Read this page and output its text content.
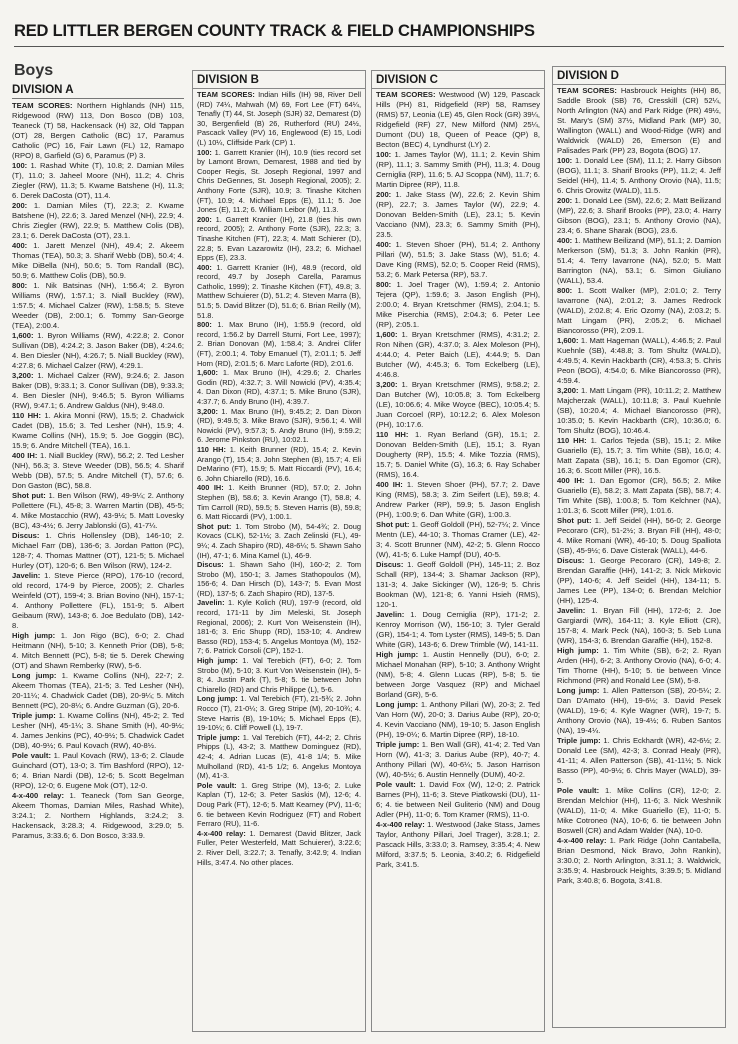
RED LITTLER BERGEN COUNTY TRACK & FIELD CHAMPIONSHIPS
Boys
DIVISION A

TEAM SCORES: Northern Highlands (NH) 115, Ridgewood (RW) 113, Don Bosco (DB) 103, Teaneck (T) 58, Hackensack (H) 32, Old Tappan (OT) 28, Bergen Catholic (BC) 17, Paramus Catholic (PC) 16, Fair Lawn (FL) 12, Ramapo (RPO) 8, Garfield (G) 6, Paramus (P) 3.

100: 1. Rashad White (T), 10.8; 2. Damian Miles (T), 11.0; 3. Jaheel Moore (NH), 11.2; 4. Chris Ziegler (RW), 11.3; 5. Kwame Batshene (H), 11.3; 6. Derek DaCosta (OT), 11.4.

200: 1. Damian Miles (T), 22.3; 2. Kwame Batshene (H), 22.6; 3. Jared Menzel (NH), 22.9; 4. Chris Ziegler (RW), 22.9; 5. Matthew Colis (DB), 23.1; 6. Derek DaCosta (OT), 23.1.

400: 1. Jarett Menzel (NH), 49.4; 2. Akeem Thomas (TEA), 50.3; 3. Sharif Webb (DB), 50.4; 4. Mike DiBella (NH), 50.6; 5. Tom Randall (BC), 50.9; 6. Matthew Colis (DB), 50.9.

800: 1. Nik Batsinas (NH), 1:56.4; 2. Byron Williams (RW), 1:57.1; 3. Niall Buckley (RW), 1:57.5; 4. Michael Calzer (RW), 1:58.5; 5. Steve Weeder (DB), 2:00.1; 6. Tommy San-George (TEA), 2:00.4.

1,600: 1. Byron Williams (RW), 4:22.8; 2. Conor Sullivan (DB), 4:24.2; 3. Jason Baker (DB), 4:24.6; 4. Ben Diesler (NH), 4:26.7; 5. Niall Buckley (RW), 4:27.8; 6. Michael Calzer (RW), 4:29.1.

3,200: 1. Michael Calzer (RW), 9:24.6; 2. Jason Baker (DB), 9:33.1; 3. Conor Sullivan (DB), 9:33.3; 4. Ben Diesler (NH), 9:46.5; 5. Byron Williams (RW), 9:47.1; 6. Andrew Galdus (NH), 9:48.0.

110 HH: 1. Akira Monni (RW), 15.5; 2. Chadwick Cadet (DB), 15.6; 3. Ted Lesher (NH), 15.9; 4. Kwame Collins (NH), 15.9; 5. Joe Goggin (BC), 15.9; 6. Andre Mitchell (TEA), 16.1.

400 IH: 1. Niall Buckley (RW), 56.2; 2. Ted Lesher (NH), 56.3; 3. Steve Weeder (DB), 56.5; 4. Sharif Webb (DB), 57.5; 5. Andre Mitchell (T), 57.6; 6. Don Gaston (BC), 58.8.

Shot put: 1. Ben Wilson (RW), 49-9¼; 2. Anthony Pollettere (FL), 45-8; 3. Warren Martin (DB), 45-5; 4. Mike Mostacchio (RW), 43-9½; 5. Matt Lovesky (BC), 43-4½; 6. Jerry Jablonski (G), 41-7¼.

Discus: 1. Chris Hollensley (DB), 146-10; 2. Michael Farr (DB), 136-6; 3. Jordan Patton (PC), 128-7; 4. Thomas Mattner (OT), 121-5; 5. Michael Hurley (OT), 120-6; 6. Ben Wilson (RW), 124-2.

Javelin: 1. Steve Pierce (RPO), 176-10 (record, old record, 174-9 by Pierce, 2005); 2. Charles Weinfeld (OT), 159-4; 3. Brian Bovino (NH), 157-1; 4. Anthony Pollettere (FL), 151-9; 5. Albert Geibaum (RW), 143-8; 6. Joe Bedulato (DB), 142-8.

High jump: 1. Jon Rigo (BC), 6-0; 2. Chad Heitmann (NH), 5-10; 3. Kenneth Prior (DB), 5-8; 4. Mitch Bennett (PC), 5-8; tie 5. Derek Chewing (OT) and Shawn Remberky (RW), 5-6.

Long jump: 1. Kwame Collins (NH), 22-7; 2. Akeem Thomas (TEA), 21-5; 3. Ted Lesher (NH), 20-11¼; 4. Chadwick Cadet (DB), 20-9¼; 5. Mitch Bennett (PC), 20-8¼; 6. Andre Guzman (G), 20-6.

Triple jump: 1. Kwame Collins (NH), 45-2; 2. Ted Lesher (NH), 45-1¼; 3. Shane Smith (H), 40-9½; 4. James Jenkins (PC), 40-9½; 5. Chadwick Cadet (DB), 40-9½; 6. Paul Kovach (RW), 40-8½.

Pole vault: 1. Paul Kovach (RW), 13-6; 2. Claude Guinchard (OT), 13-0; 3. Tim Bashford (RPO), 12-6; 4. Brian Nardi (DB), 12-6; 5. Scott Begelman (RPO), 12-0; 6. Eugene Mok (OT), 12-0.

4-x-400 relay: 1. Teaneck (Tom San George, Akeem Thomas, Damian Miles, Rashad White), 3:24.1; 2. Northern Highlands, 3:24.2; 3. Hackensack, 3:28.3; 4. Ridgewood, 3:29.0; 5. Paramus, 3:33.6; 6. Don Bosco, 3:33.9.

DIVISION B

TEAM SCORES: Indian Hills (IH) 98, River Dell (RD) 74¼, Mahwah (M) 69, Fort Lee (FT) 64¼, Tenafly (T) 44, St. Joseph (SJR) 32, Demarest (D) 30, Bergenfield (B) 26, Rutherford (RU) 24½, Pascack Valley (PV) 16, Englewood (E) 15, Lodi (L) 10¼, Cliffside Park (CP) 1.

100: 1. Garrett Kranier (IH), 10.9 (ties record set by Lamont Brown, Demarest, 1988 and tied by Cooper Regis, St. Joseph Regional, 1997 and Chris DeGennes, St. Joseph Regional, 2005); 2. Anthony Forte (SJR), 10.9; 3. Tinashe Kitchen (FT), 10.9; 4. Michael Epps (E), 11.1; 5. Joe Jones (E), 11.2; 6. William Leibor (M), 11.3.

200: 1. Garrett Kranier (IH), 21.8 (ties his own record, 2005); 2. Anthony Forte (SJR), 22.3; 3. Tinashe Kitchen (FT), 22.3; 4. Matt Schierer (D), 22.8; 5. Evan Lazarowitz (IH), 23.2; 6. Michael Epps (E), 23.3.

400: 1. Garrett Kranier (IH), 48.9 (record, old record, 49.7 by Joseph Carella, Paramus Catholic, 1999); 2. Tinashe Kitchen (FT), 49.8; 3. Matthew Schuierer (D), 51.2; 4. Steven Marra (B), 51.5; 5. David Blitzer (D), 51.6; 6. Brian Reilly (M), 51.8.

800: 1. Max Bruno (IH), 1:55.9 (record, old record, 1:56.2 by Darrell Sturni, Fort Lee, 1997); 2. Brian Donovan (M), 1:58.4; 3. Andrei Clifer (FT), 2:00.1; 4. Toby Emanuel (T), 2:01.1; 5. Jeff Horn (RD), 2:01.5; 6. Marc Laforte (RD), 2:01.6.

1,600: 1. Max Bruno (IH), 4:29.6; 2. Charles Godin (RD), 4:32.7; 3. Will Nowicki (PV), 4:35.4; 4. Dan Dixon (RD), 4:37.1; 5. Mike Bruno (SJR), 4:37.7; 6. Andy Bruno (IH), 4:39.7.

3,200: 1. Max Bruno (IH), 9:45.2; 2. Dan Dixon (RD), 9:49.5; 3. Mike Bravo (SJR), 9:56.1; 4. Will Nowicki (PV), 9:57.3; 5. Andy Bruno (IH), 9:59.2; 6. Jerome Pinkston (RU), 10:02.1.

110 HH: 1. Keith Brunner (RD), 15.4; 2. Kevin Arango (T), 15.4; 3. John Stephen (B), 15.7; 4. Eli DeMarino (FT), 15.9; 5. Matt Riccardi (PV), 16.4; 6. John Chiarello (RD), 16.6.

400 IH: 1. Keith Brunner (RD), 57.0; 2. John Stephen (B), 58.6; 3. Kevin Arango (T), 58.8; 4. Tim Carroll (RD), 59.5; 5. Steven Harris (B), 59.8; 6. Matt Riccardi (PV), 1:00.1.

Shot put: 1. Tom Strobo (M), 54-4¾; 2. Doug Kovacs (CLK), 52-1½; 3. Zach Zelinski (FL), 49-9¼; 4. Zach Shapiro (RD), 48-6¼; 5. Shawn Saho (IH), 47-1; 6. Mina Kamel (L), 46-9.

Discus: 1. Shawn Saho (IH), 160-2; 2. Tom Strobo (M), 150-1; 3. James Stathopoulos (M), 156-6; 4. Dan Hirsch (D), 143-7; 5. Evan Most (RD), 137-5; 6. Zach Shapiro (RD), 137-5.

Javelin: 1. Kyle Kolich (RU), 197-9 (record, old record, 171-11 by Jim Meleski, St. Joseph Regional, 2006); 2. Kurt Von Weisenstein (IH), 181-6; 3. Eric Shupp (RD), 153-10; 4. Andrew Basso (RD), 153-4; 5. Angelus Montoya (M), 152-7; 6. Patrick Corsoli (CP), 152-1.

High jump: 1. Val Terebich (FT), 6-0; 2. Tom Strobo (M), 5-10; 3. Kurt Von Weisenstein (IH), 5-8; 4. Justin Park (T), 5-8; 5. tie between John Chiarello (RD) and Chris Philippe (L), 5-6.

Long jump: 1. Val Terebich (FT), 21-5¾; 2. John Rocco (T), 21-0¼; 3. Greg Stripe (M), 20-10¾; 4. Steve Harris (B), 19-10½; 5. Michael Epps (E), 19-10¼; 6. Cliff Powell (L), 19-7.

Triple jump: 1. Val Terebich (FT), 44-2; 2. Chris Phipps (L), 43-2; 3. Matthew Dominguez (RD), 42-4; 4. Adrian Lucas (E), 41-8 1/4; 5. Mike Mulholland (RD), 41-5 1/2; 6. Angelus Montoya (M), 41-3.

Pole vault: 1. Greg Stripe (M), 13-6; 2. Luke Kaplan (T), 12-6; 3. Peter Saskis (M), 12-6; 4. Doug Park (FT), 12-6; 5. Matt Kearney (PV), 11-6; 6. tie between Kevin Rodriguez (FT) and Robert Ferraro (RU), 11-6.

4-x-400 relay: 1. Demarest (David Blitzer, Jack Fuller, Peter Westerfeld, Matt Schuierer), 3:22.6; 2. River Dell, 3:22.7; 3. Tenafly, 3:42.9; 4. Indian Hills, 3:47.4. No other places.

DIVISION C

TEAM SCORES: Westwood (W) 129, Pascack Hills (PH) 81, Ridgefield (RP) 58, Ramsey (RMS) 57, Leonia (LE) 45, Glen Rock (GR) 39¼, Ridgefield (RF) 27, New Milford (NM) 25¼, Dumont (DU) 18, Queen of Peace (QP) 8, Becton (BEC) 4, Lyndhurst (LY) 2.

100: 1. James Taylor (W), 11.1; 2. Kevin Shim (RP), 11.1; 3. Sammy Smith (PH), 11.3; 4. Doug Cerniglia (RP), 11.6; 5. AJ Scoppa (NM), 11.7; 6. Martin Dipree (RP), 11.8.

200: 1. Jake Stass (W), 22.6; 2. Kevin Shim (RP), 22.7; 3. James Taylor (W), 22.9; 4. Donovan Belden-Smith (LE), 23.1; 5. Kevin Vacciano (NM), 23.3; 6. Sammy Smith (PH), 23.5.

400: 1. Steven Shoer (PH), 51.4; 2. Anthony Pillari (W), 51.5; 3. Jake Stass (W), 51.6; 4. Dave King (RMS), 52.0; 5. Cooper Reid (RMS), 53.2; 6. Mark Petersa (RP), 53.7.

800: 1. Joel Trager (W), 1:59.4; 2. Antonio Tejera (QP), 1:59.6; 3. Jason English (PH), 2:00.0; 4. Bryan Kretschmer (RMS), 2:04.1; 5. Mike Piserchia (RMS), 2:04.3; 6. Peter Lee (RP), 2:05.1.

1,600: 1. Bryan Kretschmer (RMS), 4:31.2; 2. Ron Nihen (GR), 4:37.0; 3. Alex Moleson (PH), 4:44.0; 4. Peter Baich (LE), 4:44.9; 5. Dan Butcher (W), 4:45.3; 6. Tom Eckelberg (LE), 4:46.8.

3,200: 1. Bryan Kretschmer (RMS), 9:58.2; 2. Dan Butcher (W), 10:05.8; 3. Tom Eckelberg (LE), 10:06.6; 4. Mike Woyce (BEC), 10:05.4; 5. Juan Corcoel (RP), 10:12.2; 6. Alex Moleson (PH), 10:17.6.

110 HH: 1. Ryan Berland (GR), 15.1; 2. Donovan Belden-Smith (LE), 15.1; 3. Ryan Dougherty (RP), 15.5; 4. Mike Tozzia (RMS), 15.7; 5. Daniel White (G), 16.3; 6. Ray Schaber (RMS), 16.4.

400 IH: 1. Steven Shoer (PH), 57.7; 2. Dave King (RMS), 58.3; 3. Zim Seifert (LE), 59.8; 4. Andrew Parker (RP), 59.9; 5. Jason English (PH), 1:00.9; 6. Dan White (GR), 1:00.3.

Shot put: 1. Geoff Goldoll (PH), 52-7¼; 2. Vince Mentn (LE), 44-10; 3. Thomas Cramer (LE), 42-3; 4. Scott Brunner (NM), 42-2; 5. Glenn Rocco (W), 41-5; 6. Luke Hampf (DU), 40-5.

Discus: 1. Geoff Goldoll (PH), 145-11; 2. Boz Schall (RP), 134-4; 3. Shamar Jackson (RP), 131-3; 4. Jake Sickinger (W), 126-9; 5. Chris Bookman (W), 121-8; 6. Yanni Hsieh (RMS), 120-1.

Javelin: 1. Doug Cerniglia (RP), 171-2; 2. Kenroy Morrison (W), 156-10; 3. Tyler Gerald (GR), 154-1; 4. Tom Lyster (RMS), 149-5; 5. Dan White (GR), 143-6; 6. Drew Trimble (W), 141-11.

High jump: 1. Austin Hennelly (DU), 6-0; 2. Michael Monahan (RP), 5-10; 3. Anthony Wright (NM), 5-8; 4. Glenn Lucas (RP), 5-8; 5. tie between Jorge Vasquez (RP) and Michael Borland (GR), 5-6.

Long jump: 1. Anthony Pillari (W), 20-3; 2. Ted Van Horn (W), 20-0; 3. Darius Aube (RP), 20-0; 4. Kevin Vacciano (NM), 19-10; 5. Jason English (PH), 19-0¼; 6. Martin Dipree (RP), 18-10.

Triple jump: 1. Ben Wall (GR), 41-4; 2. Ted Van Horn (W), 41-3; 3. Darius Aube (RP), 40-7; 4. Anthony Pillari (W), 40-6¼; 5. Jason Harrison (W), 40-5½; 6. Austin Hennelly (DUM), 40-2.

Pole vault: 1. David Fox (W), 12-0; 2. Patrick Barnes (PH), 11-6; 3. Steve Piatkowski (DU), 11-6; 4. tie between Neil Guliterio (NM) and Doug Adler (PH), 11-0; 6. Tom Kramer (RMS), 11-0.

4-x-400 relay: 1. Westwood (Jake Stass, James Taylor, Anthony Pillari, Joel Trager), 3:28.1; 2. Pascack Hills, 3:33.0; 3. Ramsey, 3:35.4; 4. New Milford, 3:37.5; 5. Leonia, 3:40.2; 6. Ridgefield Park, 3:41.5.

DIVISION D

TEAM SCORES: Hasbrouck Heights (HH) 86, Saddle Brook (SB) 76, Cresskill (CR) 52¼, North Arlington (NA) and Park Ridge (PR) 49½, St. Mary's (SM) 37½, Midland Park (MP) 30, Wallington (WALL) and Wood-Ridge (WR) and Waldwick (WALD) 26, Emerson (E) and Palisades Park (PP) 23, Bogota (BOG) 17.

100: 1. Donald Lee (SM), 11.1; 2. Harry Gibson (BOG), 11.1; 3. Sharif Brooks (PP), 11.2; 4. Jeff Seidel (HH), 11.4; 5. Anthony Orovio (NA), 11.5; 6. Chris Orowitz (WALD), 11.5.

200: 1. Donald Lee (SM), 22.6; 2. Matt Beilizand (MP), 22.6; 3. Sharif Brooks (PP), 23.0; 4. Harry Gibson (BOG), 23.1; 5. Anthony Orovio (NA), 23.4; 6. Shane Sharak (BOG), 23.6.

400: 1. Matthew Beilizand (MP), 51.1; 2. Damion Merkerson (SM), 51.3; 3. John Rankin (PR), 51.4; 4. Terry Iavarrone (NA), 52.0; 5. Matt Barrington (NA), 53.1; 6. Simon Giuliano (WALL), 53.4.

800: 1. Scott Walker (MP), 2:01.0; 2. Terry Iavarrone (NA), 2:01.2; 3. James Redrock (WALD), 2:02.8; 4. Eric Ozomy (NA), 2:03.2; 5. Matt Lingam (PR), 2:05.2; 6. Michael Biancorosso (PR), 2:09.1.

1,600: 1. Matt Hageman (WALL), 4:46.5; 2. Paul Kuehnle (SB), 4:48.8; 3. Tom Shultz (WALD), 4:49.5; 4. Kevin Hackbarth (CR), 4:53.3; 5. Chris Peon (BOG), 4:54.0; 6. Mike Biancorosso (PR), 4:59.4.

3,200: 1. Matt Lingam (PR), 10:11.2; 2. Matthew Majcherzak (WALL), 10:11.8; 3. Paul Kuehnle (SB), 10:20.4; 4. Michael Biancorosso (PR), 10:35.0; 5. Kevin Hackbarth (CR), 10:36.0; 6. Tom Shultz (BOG), 10:46.4.

110 HH: 1. Carlos Tejeda (SB), 15.1; 2. Mike Guariello (E), 15.7; 3. Tim White (SB), 16.0; 4. Matt Zapata (SB), 16.1; 5. Dan Egomor (CR), 16.3; 6. Scott Miller (PR), 16.5.

400 IH: 1. Dan Egomor (CR), 56.5; 2. Mike Guariello (E), 58.2; 3. Matt Zapata (SB), 58.7; 4. Tim White (SB), 1:00.8; 5. Tom Kelchner (NA), 1:01.3; 6. Scott Miller (PR), 1:01.6.

Shot put: 1. Jeff Seidel (HH), 56-0; 2. George Pecoraro (CR), 51-2½; 3. Bryan Fill (HH), 48-0; 4. Mike Romani (WR), 46-10; 5. Doug Spalliota (SB), 45-9½; 6. Dave Cisterak (WALL), 44-6.

Discus: 1. George Pecoraro (CR), 149-8; 2. Brendan Garaffie (HH), 141-2; 3. Nick Mirkovic (PP), 140-6; 4. Jeff Seidel (HH), 134-11; 5. James Lee (PP), 134-0; 6. Brendan Melchior (HH), 125-4.

Javelin: 1. Bryan Fill (HH), 172-6; 2. Joe Gargiardi (WR), 164-11; 3. Kyle Elliott (CR), 157-8; 4. Mark Peck (NA), 160-3; 5. Seb Luna (WR), 154-3; 6. Brendan Garaffie (HH), 152-8.

High jump: 1. Tim White (SB), 6-2; 2. Ryan Arden (HH), 6-2; 3. Anthony Orovio (NA), 6-0; 4. Tim Thorne (HH), 5-10; 5. tie between Vince Richmond (PR) and Ronald Lee (SM), 5-8.

Long jump: 1. Allen Patterson (SB), 20-5¼; 2. Dan D'Amato (HH), 19-6½; 3. David Pesek (WALD), 19-6; 4. Kyle Wagner (WR), 19-7; 5. Anthony Orovio (NA), 19-4½; 6. Ruben Santos (NA), 19-4¼.

Triple jump: 1. Chris Eckhardt (WR), 42-6½; 2. Donald Lee (SM), 42-3; 3. Conrad Healy (PR), 41-11; 4. Allen Patterson (SB), 41-11½; 5. Nick Basso (PP), 40-9½; 6. Chris Mayer (WALD), 39-5.

Pole vault: 1. Mike Collins (CR), 12-0; 2. Brendan Melchior (HH), 11-6; 3. Nick Weshnik (WALD), 11-0; 4. Mike Guariello (E), 11-0; 5. Mike Cotroneo (NA), 10-6; 6. tie between John Boswell (CR) and Adam Walder (NA), 10-0.

4-x-400 relay: 1. Park Ridge (John Cantabella, Brian Desmond, Nick Bravo, John Rankin), 3:30.0; 2. North Arlington, 3:31.1; 3. Waldwick, 3:35.9; 4. Hasbrouck Heights, 3:39.5; 5. Midland Park, 3:40.8; 6. Bogota, 3:41.8.
